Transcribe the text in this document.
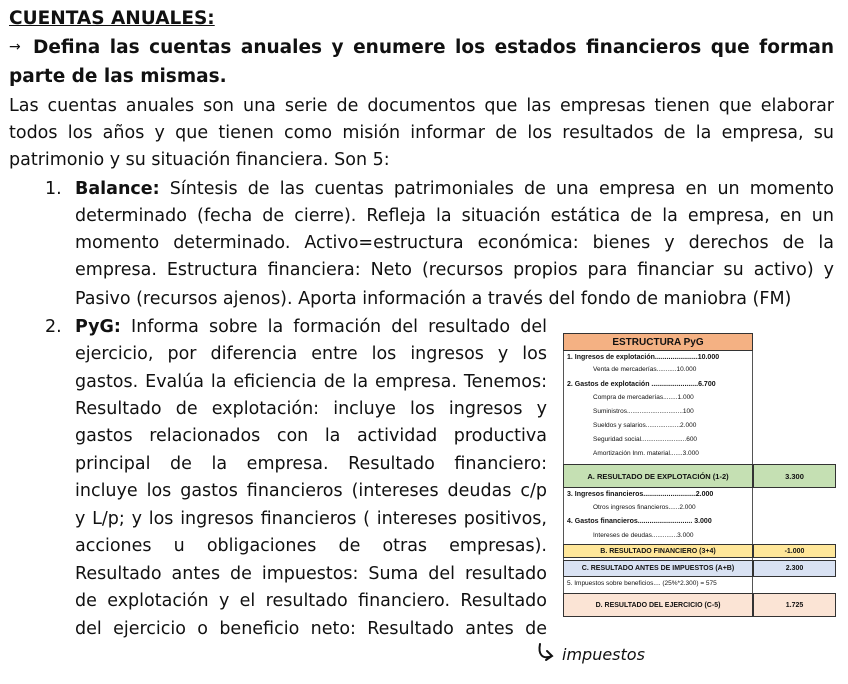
CUENTAS ANUALES:
→ Defina las cuentas anuales y enumere los estados financieros que forman
parte de las mismas.
Las cuentas anuales son una serie de documentos que las empresas tienen que elaborar
todos los años y que tienen como misión informar de los resultados de la empresa, su
patrimonio y su situación financiera. Son 5:
1. Balance: Síntesis de las cuentas patrimoniales de una empresa en un momento
determinado (fecha de cierre). Refleja la situación estática de la empresa, en un
momento determinado. Activo=estructura económica: bienes y derechos de la
empresa. Estructura financiera: Neto (recursos propios para financiar su activo) y
Pasivo (recursos ajenos). Aporta información a través del fondo de maniobra (FM)
2. PyG: Informa sobre la formación del resultado del
ejercicio, por diferencia entre los ingresos y los
gastos. Evalúa la eficiencia de la empresa. Tenemos:
Resultado de explotación: incluye los ingresos y
gastos relacionados con la actividad productiva
principal de la empresa. Resultado financiero:
incluye los gastos financieros (intereses deudas c/p
y L/p; y los ingresos financieros ( intereses positivos,
acciones u obligaciones de otras empresas).
Resultado antes de impuestos: Suma del resultado
de explotación y el resultado financiero. Resultado
del ejercicio o beneficio neto: Resultado antes de
ESTRUCTURA PyG
1. Ingresos de explotación......................10.000
Venta de mercaderías...........10.000
2. Gastos de explotación ........................6.700
Compra de mercaderías........1.000
Suministros...............................100
Sueldos y salarios...................2.000
Seguridad social.........................600
Amortización Inm. material.......3.000
A. RESULTADO DE EXPLOTACIÓN (1-2)	3.300
3. Ingresos financieros...........................2.000
Otros ingresos financieros......2.000
4. Gastos financieros............................ 3.000
Intereses de deudas..............3.000
B. RESULTADO FINANCIERO (3+4)	-1.000
C. RESULTADO ANTES DE IMPUESTOS (A+B)	2.300
5. Impuestos sobre beneficios.... (25%*2.300) = 575
D. RESULTADO DEL EJERCICIO (C-5)	1.725
impuestos
